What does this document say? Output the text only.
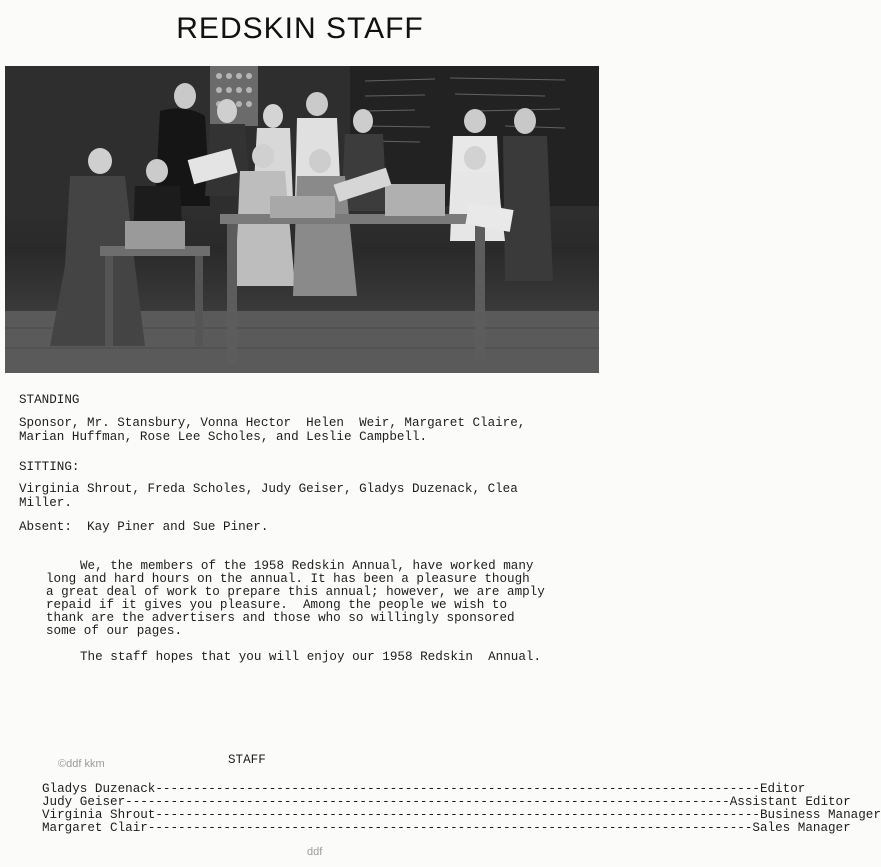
REDSKIN STAFF
STANDING
Sponsor, Mr. Stansbury, Vonna Hector  Helen  Weir, Margaret Claire,
Marian Huffman, Rose Lee Scholes, and Leslie Campbell.
SITTING:
Virginia Shrout, Freda Scholes, Judy Geiser, Gladys Duzenack, Clea
Miller.
Absent:  Kay Piner and Sue Piner.
We, the members of the 1958 Redskin Annual, have worked many
long and hard hours on the annual. It has been a pleasure though
a great deal of work to prepare this annual; however, we are amply
repaid if it gives you pleasure.  Among the people we wish to
thank are the advertisers and those who so willingly sponsored
some of our pages.
The staff hopes that you will enjoy our 1958 Redskin  Annual.
©ddf kkm	STAFF
Gladys Duzenack -------------------------------------------------------------------------------- Editor
Judy Geiser -------------------------------------------------------------------------------- Assistant Editor
Virginia Shrout -------------------------------------------------------------------------------- Business Manager
Margaret Clair -------------------------------------------------------------------------------- Sales Manager
ddf
